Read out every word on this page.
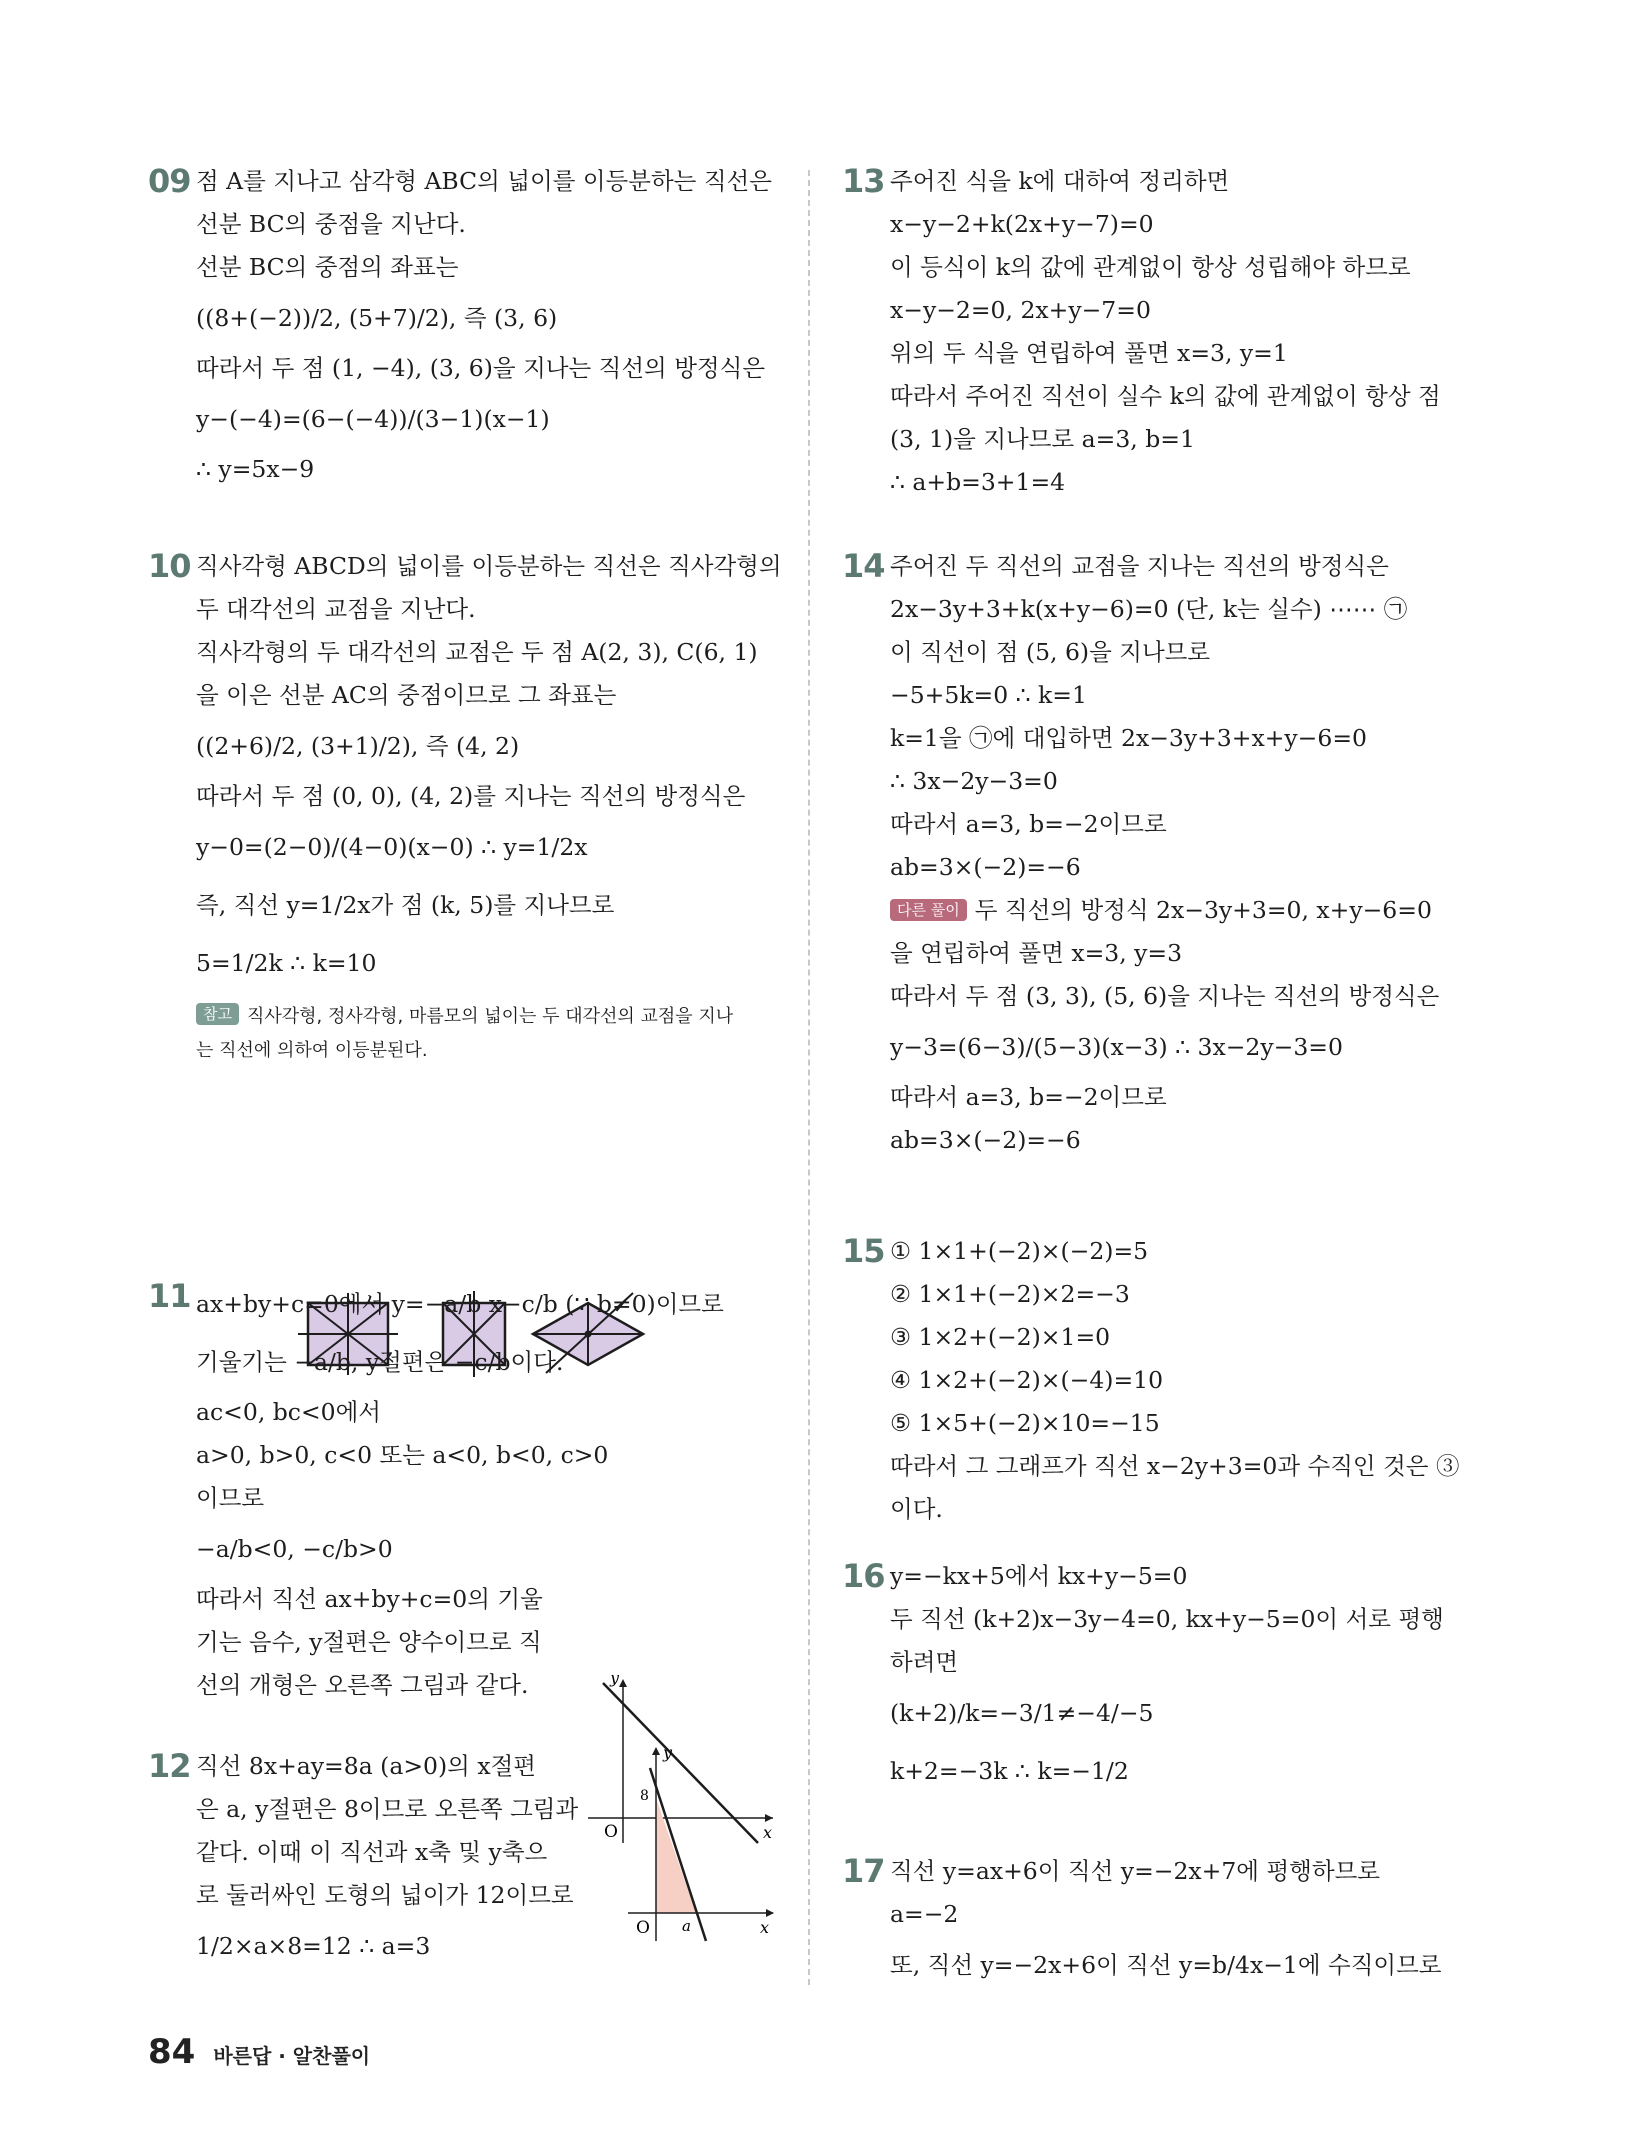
09 점 A를 지나고 삼각형 ABC의 넓이를 이등분하는 직선은
선분 BC의 중점을 지난다.
선분 BC의 중점의 좌표는
((8+(−2))/2, (5+7)/2), 즉 (3, 6)
따라서 두 점 (1, −4), (3, 6)을 지나는 직선의 방정식은
y−(−4)=(6−(−4))/(3−1)(x−1)
∴ y=5x−9
10 직사각형 ABCD의 넓이를 이등분하는 직선은 직사각형의
두 대각선의 교점을 지난다.
직사각형의 두 대각선의 교점은 두 점 A(2, 3), C(6, 1)
을 이은 선분 AC의 중점이므로 그 좌표는
((2+6)/2, (3+1)/2), 즉 (4, 2)
따라서 두 점 (0, 0), (4, 2)를 지나는 직선의 방정식은
y−0=(2−0)/(4−0)(x−0) ∴ y=1/2x
즉, 직선 y=1/2x가 점 (k, 5)를 지나므로
5=1/2k ∴ k=10
참고 직사각형, 정사각형, 마름모의 넓이는 두 대각선의 교점을 지나
는 직선에 의하여 이등분된다.
11 ax+by+c=0에서 y=−a/b x−c/b (∵ b≠0)이므로
기울기는 −a/b, y절편은 −c/b이다.
ac<0, bc<0에서
a>0, b>0, c<0 또는 a<0, b<0, c>0
이므로
−a/b<0, −c/b>0
따라서 직선 ax+by+c=0의 기울
기는 음수, y절편은 양수이므로 직
선의 개형은 오른쪽 그림과 같다.	y
x
O
12 직선 8x+ay=8a (a>0)의 x절편
은 a, y절편은 8이므로 오른쪽 그림과
같다. 이때 이 직선과 x축 및 y축으
로 둘러싸인 도형의 넓이가 12이므로
1/2×a×8=12 ∴ a=3
y
x
O
8
a
13 주어진 식을 k에 대하여 정리하면
x−y−2+k(2x+y−7)=0
이 등식이 k의 값에 관계없이 항상 성립해야 하므로
x−y−2=0, 2x+y−7=0
위의 두 식을 연립하여 풀면 x=3, y=1
따라서 주어진 직선이 실수 k의 값에 관계없이 항상 점
(3, 1)을 지나므로 a=3, b=1
∴ a+b=3+1=4
14 주어진 두 직선의 교점을 지나는 직선의 방정식은
2x−3y+3+k(x+y−6)=0 (단, k는 실수) ⋯⋯ ㉠
이 직선이 점 (5, 6)을 지나므로
−5+5k=0 ∴ k=1
k=1을 ㉠에 대입하면 2x−3y+3+x+y−6=0
∴ 3x−2y−3=0
따라서 a=3, b=−2이므로
ab=3×(−2)=−6
다른 풀이 두 직선의 방정식 2x−3y+3=0, x+y−6=0
을 연립하여 풀면 x=3, y=3
따라서 두 점 (3, 3), (5, 6)을 지나는 직선의 방정식은
y−3=(6−3)/(5−3)(x−3) ∴ 3x−2y−3=0
따라서 a=3, b=−2이므로
ab=3×(−2)=−6
15 ① 1×1+(−2)×(−2)=5
② 1×1+(−2)×2=−3
③ 1×2+(−2)×1=0
④ 1×2+(−2)×(−4)=10
⑤ 1×5+(−2)×10=−15
따라서 그 그래프가 직선 x−2y+3=0과 수직인 것은 ③
이다.
16 y=−kx+5에서 kx+y−5=0
두 직선 (k+2)x−3y−4=0, kx+y−5=0이 서로 평행
하려면
(k+2)/k=−3/1≠−4/−5
k+2=−3k ∴ k=−1/2
17 직선 y=ax+6이 직선 y=−2x+7에 평행하므로
a=−2
또, 직선 y=−2x+6이 직선 y=b/4x−1에 수직이므로
84 바른답 · 알찬풀이
